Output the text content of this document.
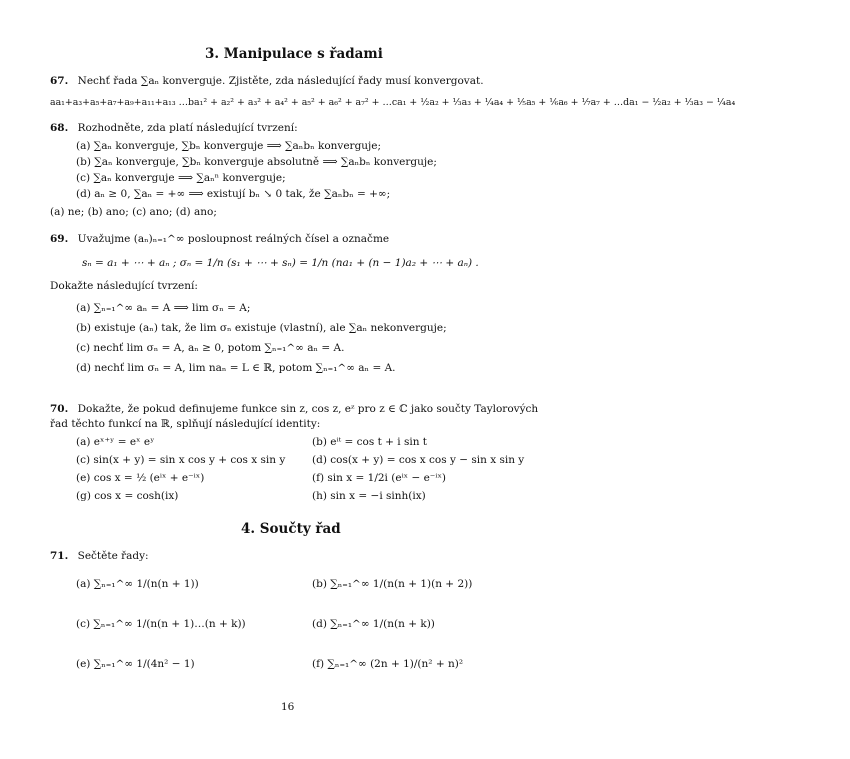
3. Manipulace s řadami
67. Nechť řada ∑aₙ konverguje. Zjistěte, zda následující řady musí konvergovat.
aa₁+a₃+a₅+a₇+a₉+a₁₁+a₁₃ …ba₁² + a₂² + a₃² + a₄² + a₅² + a₆² + a₇² + …ca₁ + ½a₂ + ⅓a₃ + ¼a₄ + ⅕a₅ + ⅙a₆ + ⅐a₇ + …da₁ − ½a₂ + ⅓a₃ − ¼a₄
68. Rozhodněte, zda platí následující tvrzení:
(a) ∑aₙ konverguje, ∑bₙ konverguje ⟹ ∑aₙbₙ konverguje;
(b) ∑aₙ konverguje, ∑bₙ konverguje absolutně ⟹ ∑aₙbₙ konverguje;
(c) ∑aₙ konverguje ⟹ ∑aₙⁿ konverguje;
(d) aₙ ≥ 0, ∑aₙ = +∞ ⟹ existují bₙ ↘ 0 tak, že ∑aₙbₙ = +∞;
(a) ne; (b) ano; (c) ano; (d) ano;
69. Uvažujme (aₙ)ₙ₌₁^∞ posloupnost reálných čísel a označme
sₙ = a₁ + ⋯ + aₙ ; σₙ = 1/n (s₁ + ⋯ + sₙ) = 1/n (na₁ + (n − 1)a₂ + ⋯ + aₙ) .
Dokažte následující tvrzení:
(a) ∑ₙ₌₁^∞ aₙ = A ⟹ lim σₙ = A;
(b) existuje (aₙ) tak, že lim σₙ existuje (vlastní), ale ∑aₙ nekonverguje;
(c) nechť lim σₙ = A, aₙ ≥ 0, potom ∑ₙ₌₁^∞ aₙ = A.
(d) nechť lim σₙ = A, lim naₙ = L ∈ ℝ, potom ∑ₙ₌₁^∞ aₙ = A.
70. Dokažte, že pokud definujeme funkce sin z, cos z, eᶻ pro z ∈ ℂ jako součty Taylorových
řad těchto funkcí na ℝ, splňují následující identity:
(a) eˣ⁺ʸ = eˣ eʸ
(c) sin(x + y) = sin x cos y + cos x sin y
(e) cos x = ½ (eⁱˣ + e⁻ⁱˣ)
(g) cos x = cosh(ix)
(b) eⁱᵗ = cos t + i sin t
(d) cos(x + y) = cos x cos y − sin x sin y
(f) sin x = 1/2i (eⁱˣ − e⁻ⁱˣ)
(h) sin x = −i sinh(ix)
4. Součty řad
71. Sečtěte řady:
(a) ∑ₙ₌₁^∞ 1/(n(n + 1))
(c) ∑ₙ₌₁^∞ 1/(n(n + 1)…(n + k))
(e) ∑ₙ₌₁^∞ 1/(4n² − 1)
(b) ∑ₙ₌₁^∞ 1/(n(n + 1)(n + 2))
(d) ∑ₙ₌₁^∞ 1/(n(n + k))
(f) ∑ₙ₌₁^∞ (2n + 1)/(n² + n)²
16
